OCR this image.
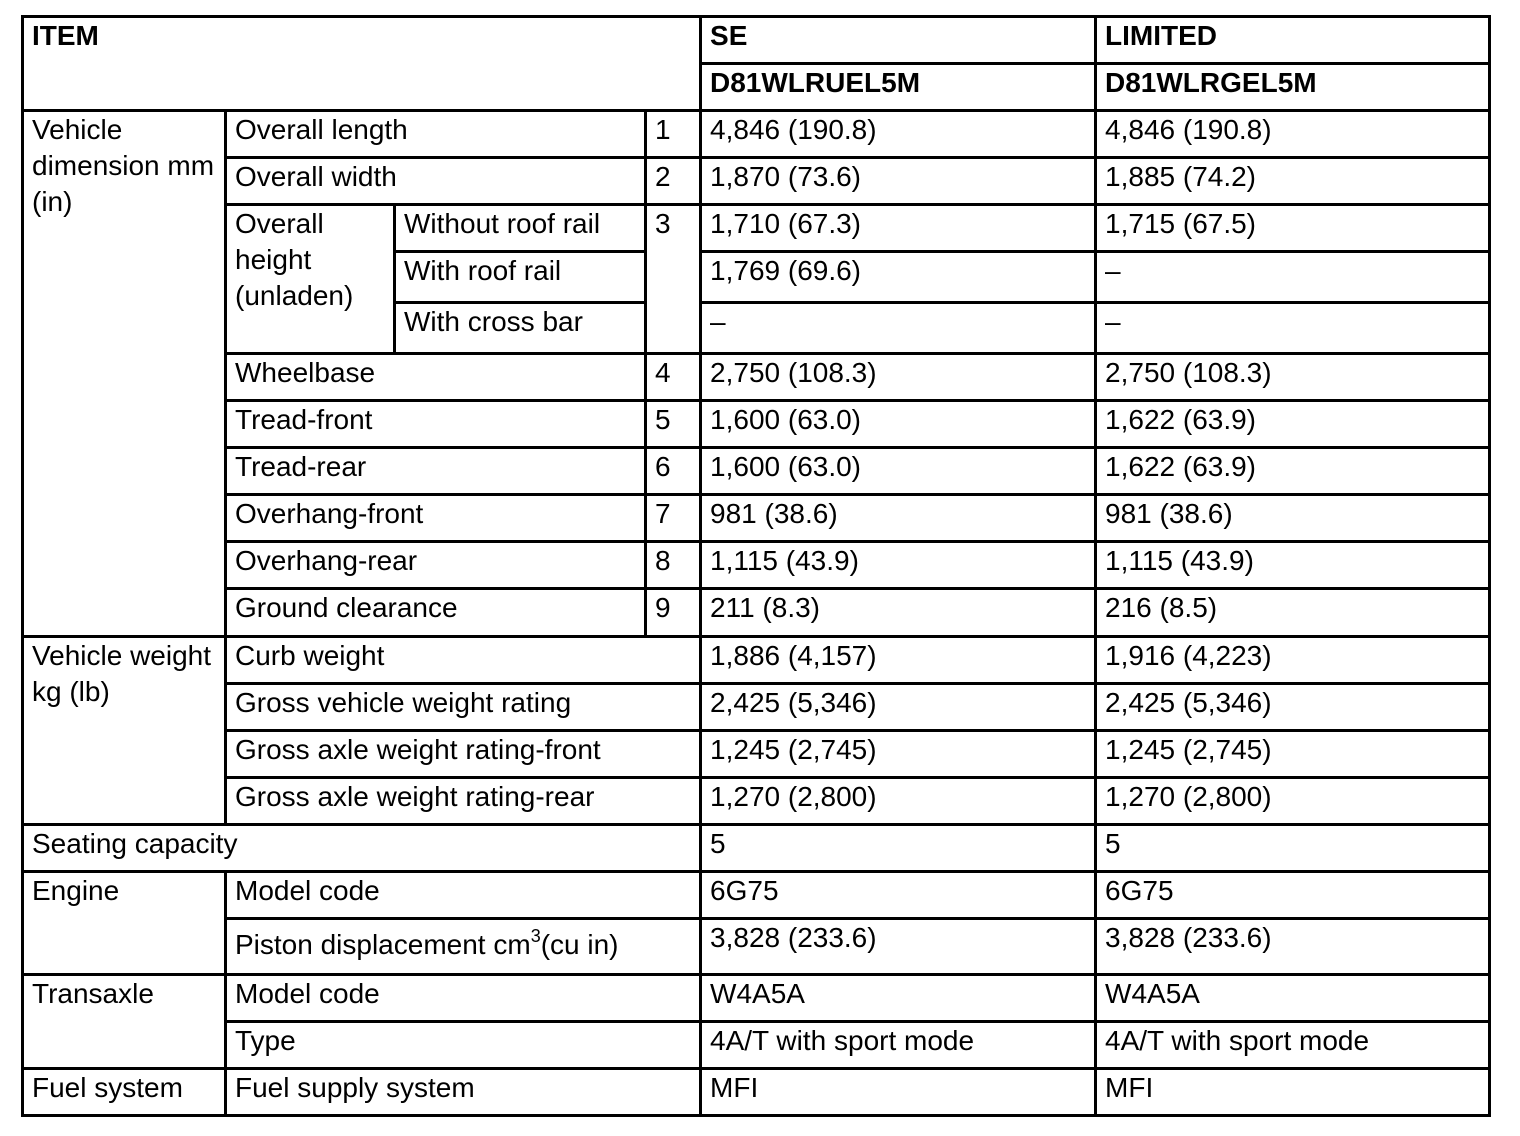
ITEM				SE	LIMITED
				D81WLRUEL5M	D81WLRGEL5M
Vehicle dimension mm (in)	Overall length		1	4,846 (190.8)	4,846 (190.8)
	Overall width		2	1,870 (73.6)	1,885 (74.2)
	Overall height (unladen)	Without roof rail	3	1,710 (67.3)	1,715 (67.5)
		With roof rail		1,769 (69.6)	–
		With cross bar		–	–
	Wheelbase		4	2,750 (108.3)	2,750 (108.3)
	Tread-front		5	1,600 (63.0)	1,622 (63.9)
	Tread-rear		6	1,600 (63.0)	1,622 (63.9)
	Overhang-front		7	981 (38.6)	981 (38.6)
	Overhang-rear		8	1,115 (43.9)	1,115 (43.9)
	Ground clearance		9	211 (8.3)	216 (8.5)
Vehicle weight kg (lb)	Curb weight			1,886 (4,157)	1,916 (4,223)
	Gross vehicle weight rating			2,425 (5,346)	2,425 (5,346)
	Gross axle weight rating-front			1,245 (2,745)	1,245 (2,745)
	Gross axle weight rating-rear			1,270 (2,800)	1,270 (2,800)
Seating capacity				5	5
Engine	Model code			6G75	6G75
	Piston displacement $cm^3(cu$ in)			3,828 (233.6)	3,828 (233.6)
Transaxle	Model code			W4A5A	W4A5A
	Type			4A/T with sport mode	4A/T with sport mode
Fuel system	Fuel supply system			MFI	MFI
